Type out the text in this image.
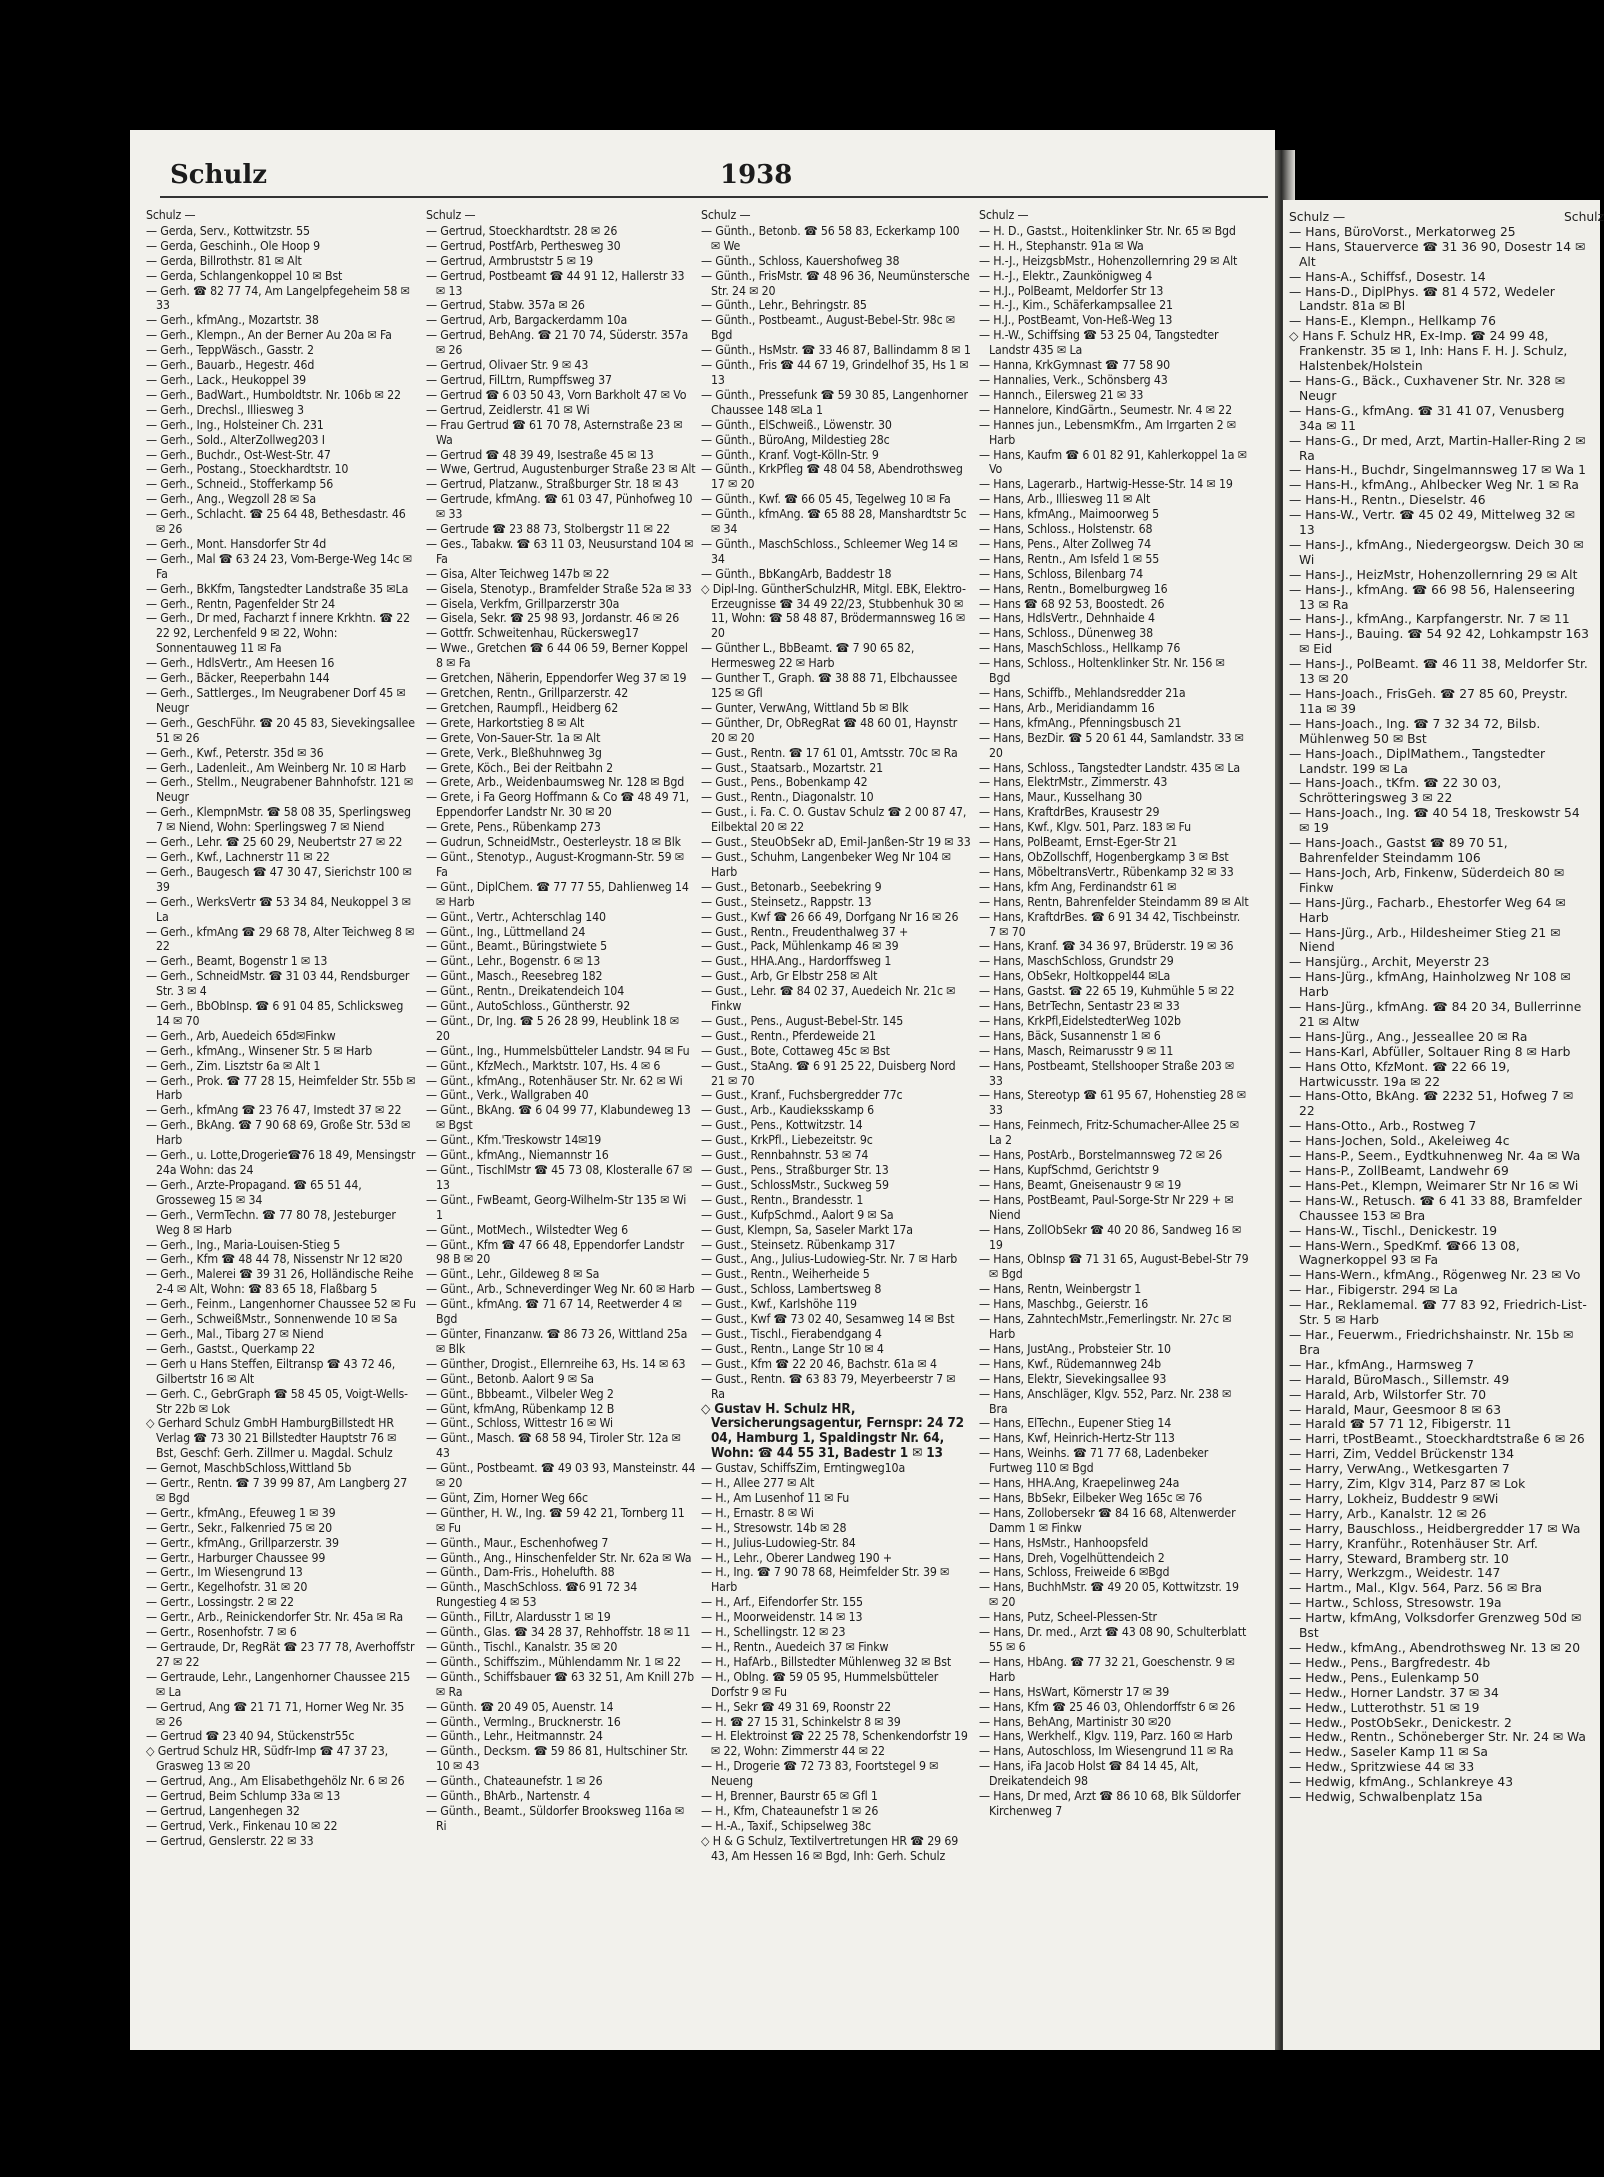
Schulz	1938
Schulz —
— Gerda, Serv., Kottwitzstr. 55
— Gerda, Geschinh., Ole Hoop 9
— Gerda, Billrothstr. 81 ✉ Alt
— Gerda, Schlangenkoppel 10 ✉ Bst
— Gerh. ☎ 82 77 74, Am Langelpfegeheim 58 ✉ 33
— Gerh., kfmAng., Mozartstr. 38
— Gerh., Klempn., An der Berner Au 20a ✉ Fa
— Gerh., TeppWäsch., Gasstr. 2
— Gerh., Bauarb., Hegestr. 46d
— Gerh., Lack., Heukoppel 39
— Gerh., BadWart., Humboldtstr. Nr. 106b ✉ 22
— Gerh., Drechsl., Illiesweg 3
— Gerh., Ing., Holsteiner Ch. 231
— Gerh., Sold., AlterZollweg203 I
— Gerh., Buchdr., Ost-West-Str. 47
— Gerh., Postang., Stoeckhardtstr. 10
— Gerh., Schneid., Stofferkamp 56
— Gerh., Ang., Wegzoll 28 ✉ Sa
— Gerh., Schlacht. ☎ 25 64 48, Bethesdastr. 46 ✉ 26
— Gerh., Mont. Hansdorfer Str 4d
— Gerh., Mal ☎ 63 24 23, Vom-Berge-Weg 14c ✉ Fa
— Gerh., BkKfm, Tangstedter Landstraße 35 ✉La
— Gerh., Rentn, Pagenfelder Str 24
— Gerh., Dr med, Facharzt f innere Krkhtn. ☎ 22 22 92, Lerchenfeld 9 ✉ 22, Wohn: Sonnentauweg 11 ✉ Fa
— Gerh., HdlsVertr., Am Heesen 16
— Gerh., Bäcker, Reeperbahn 144
— Gerh., Sattlerges., Im Neugrabener Dorf 45 ✉ Neugr
— Gerh., GeschFühr. ☎ 20 45 83, Sievekingsallee 51 ✉ 26
— Gerh., Kwf., Peterstr. 35d ✉ 36
— Gerh., Ladenleit., Am Weinberg Nr. 10 ✉ Harb
— Gerh., Stellm., Neugrabener Bahnhofstr. 121 ✉ Neugr
— Gerh., KlempnMstr. ☎ 58 08 35, Sperlingsweg 7 ✉ Niend, Wohn: Sperlingsweg 7 ✉ Niend
— Gerh., Lehr. ☎ 25 60 29, Neubertstr 27 ✉ 22
— Gerh., Kwf., Lachnerstr 11 ✉ 22
— Gerh., Baugesch ☎ 47 30 47, Sierichstr 100 ✉ 39
— Gerh., WerksVertr ☎ 53 34 84, Neukoppel 3 ✉ La
— Gerh., kfmAng ☎ 29 68 78, Alter Teichweg 8 ✉ 22
— Gerh., Beamt, Bogenstr 1 ✉ 13
— Gerh., SchneidMstr. ☎ 31 03 44, Rendsburger Str. 3 ✉ 4
— Gerh., BbObInsp. ☎ 6 91 04 85, Schlicksweg 14 ✉ 70
— Gerh., Arb, Auedeich 65d✉Finkw
— Gerh., kfmAng., Winsener Str. 5 ✉ Harb
— Gerh., Zim. Lisztstr 6a ✉ Alt 1
— Gerh., Prok. ☎ 77 28 15, Heimfelder Str. 55b ✉ Harb
— Gerh., kfmAng ☎ 23 76 47, Imstedt 37 ✉ 22
— Gerh., BkAng. ☎ 7 90 68 69, Große Str. 53d ✉ Harb
— Gerh., u. Lotte,Drogerie☎76 18 49, Mensingstr 24a Wohn: das 24
— Gerh., Arzte-Propagand. ☎ 65 51 44, Grosseweg 15 ✉ 34
— Gerh., VermTechn. ☎ 77 80 78, Jesteburger Weg 8 ✉ Harb
— Gerh., Ing., Maria-Louisen-Stieg 5
— Gerh., Kfm ☎ 48 44 78, Nissenstr Nr 12 ✉20
— Gerh., Malerei ☎ 39 31 26, Holländische Reihe 2-4 ✉ Alt, Wohn: ☎ 83 65 18, Flaßbarg 5
— Gerh., Feinm., Langenhorner Chaussee 52 ✉ Fu
— Gerh., SchweißMstr., Sonnenwende 10 ✉ Sa
— Gerh., Mal., Tibarg 27 ✉ Niend
— Gerh., Gastst., Querkamp 22
— Gerh u Hans Steffen, Eiltransp ☎ 43 72 46, Gilbertstr 16 ✉ Alt
— Gerh. C., GebrGraph ☎ 58 45 05, Voigt-Wells-Str 22b ✉ Lok
◇ Gerhard Schulz GmbH HamburgBillstedt HR Verlag ☎ 73 30 21 Billstedter Hauptstr 76 ✉ Bst, Geschf: Gerh. Zillmer u. Magdal. Schulz
— Gernot, MaschbSchloss,Wittland 5b
— Gertr., Rentn. ☎ 7 39 99 87, Am Langberg 27 ✉ Bgd
— Gertr., kfmAng., Efeuweg 1 ✉ 39
— Gertr., Sekr., Falkenried 75 ✉ 20
— Gertr., kfmAng., Grillparzerstr. 39
— Gertr., Harburger Chaussee 99
— Gertr., Im Wiesengrund 13
— Gertr., Kegelhofstr. 31 ✉ 20
— Gertr., Lossingstr. 2 ✉ 22
— Gertr., Arb., Reinickendorfer Str. Nr. 45a ✉ Ra
— Gertr., Rosenhofstr. 7 ✉ 6
— Gertraude, Dr, RegRät ☎ 23 77 78, Averhoffstr 27 ✉ 22
— Gertraude, Lehr., Langenhorner Chaussee 215 ✉ La
— Gertrud, Ang ☎ 21 71 71, Horner Weg Nr. 35 ✉ 26
— Gertrud ☎ 23 40 94, Stückenstr55c
◇ Gertrud Schulz HR, Südfr-Imp ☎ 47 37 23, Grasweg 13 ✉ 20
— Gertrud, Ang., Am Elisabethgehölz Nr. 6 ✉ 26
— Gertrud, Beim Schlump 33a ✉ 13
— Gertrud, Langenhegen 32
— Gertrud, Verk., Finkenau 10 ✉ 22
— Gertrud, Genslerstr. 22 ✉ 33
Schulz —
— Gertrud, Stoeckhardtstr. 28 ✉ 26
— Gertrud, PostfArb, Perthesweg 30
— Gertrud, Armbruststr 5 ✉ 19
— Gertrud, Postbeamt ☎ 44 91 12, Hallerstr 33 ✉ 13
— Gertrud, Stabw. 357a ✉ 26
— Gertrud, Arb, Bargackerdamm 10a
— Gertrud, BehAng. ☎ 21 70 74, Süderstr. 357a ✉ 26
— Gertrud, Olivaer Str. 9 ✉ 43
— Gertrud, FilLtrn, Rumpffsweg 37
— Gertrud ☎ 6 03 50 43, Vorn Barkholt 47 ✉ Vo
— Gertrud, Zeidlerstr. 41 ✉ Wi
— Frau Gertrud ☎ 61 70 78, Asternstraße 23 ✉ Wa
— Gertrud ☎ 48 39 49, Isestraße 45 ✉ 13
— Wwe, Gertrud, Augustenburger Straße 23 ✉ Alt
— Gertrud, Platzanw., Straßburger Str. 18 ✉ 43
— Gertrude, kfmAng. ☎ 61 03 47, Pünhofweg 10 ✉ 33
— Gertrude ☎ 23 88 73, Stolbergstr 11 ✉ 22
— Ges., Tabakw. ☎ 63 11 03, Neusurstand 104 ✉ Fa
— Gisa, Alter Teichweg 147b ✉ 22
— Gisela, Stenotyp., Bramfelder Straße 52a ✉ 33
— Gisela, Verkfm, Grillparzerstr 30a
— Gisela, Sekr. ☎ 25 98 93, Jordanstr. 46 ✉ 26
— Gottfr. Schweitenhau, Rückersweg17
— Wwe., Gretchen ☎ 6 44 06 59, Berner Koppel 8 ✉ Fa
— Gretchen, Näherin, Eppendorfer Weg 37 ✉ 19
— Gretchen, Rentn., Grillparzerstr. 42
— Gretchen, Raumpfl., Heidberg 62
— Grete, Harkortstieg 8 ✉ Alt
— Grete, Von-Sauer-Str. 1a ✉ Alt
— Grete, Verk., Bleßhuhnweg 3g
— Grete, Köch., Bei der Reitbahn 2
— Grete, Arb., Weidenbaumsweg Nr. 128 ✉ Bgd
— Grete, i Fa Georg Hoffmann & Co ☎ 48 49 71, Eppendorfer Landstr Nr. 30 ✉ 20
— Grete, Pens., Rübenkamp 273
— Gudrun, SchneidMstr., Oesterleystr. 18 ✉ Blk
— Günt., Stenotyp., August-Krogmann-Str. 59 ✉ Fa
— Günt., DiplChem. ☎ 77 77 55, Dahlienweg 14 ✉ Harb
— Günt., Vertr., Achterschlag 140
— Günt., Ing., Lüttmelland 24
— Günt., Beamt., Büringstwiete 5
— Günt., Lehr., Bogenstr. 6 ✉ 13
— Günt., Masch., Reesebreg 182
— Günt., Rentn., Dreikatendeich 104
— Günt., AutoSchloss., Güntherstr. 92
— Günt., Dr, Ing. ☎ 5 26 28 99, Heublink 18 ✉ 20
— Günt., Ing., Hummelsbütteler Landstr. 94 ✉ Fu
— Günt., KfzMech., Marktstr. 107, Hs. 4 ✉ 6
— Günt., kfmAng., Rotenhäuser Str. Nr. 62 ✉ Wi
— Günt., Verk., Wallgraben 40
— Günt., BkAng. ☎ 6 04 99 77, Klabundeweg 13 ✉ Bgst
— Günt., Kfm.'Treskowstr 14✉19
— Günt., kfmAng., Niemannstr 16
— Günt., TischlMstr ☎ 45 73 08, Klosteralle 67 ✉ 13
— Günt., FwBeamt, Georg-Wilhelm-Str 135 ✉ Wi 1
— Günt., MotMech., Wilstedter Weg 6
— Günt., Kfm ☎ 47 66 48, Eppendorfer Landstr 98 B ✉ 20
— Günt., Lehr., Gildeweg 8 ✉ Sa
— Günt., Arb., Schneverdinger Weg Nr. 60 ✉ Harb
— Günt., kfmAng. ☎ 71 67 14, Reetwerder 4 ✉ Bgd
— Günter, Finanzanw. ☎ 86 73 26, Wittland 25a ✉ Blk
— Günther, Drogist., Ellernreihe 63, Hs. 14 ✉ 63
— Günt., Betonb. Aalort 9 ✉ Sa
— Günt., Bbbeamt., Vilbeler Weg 2
— Günt, kfmAng, Rübenkamp 12 B
— Günt., Schloss, Wittestr 16 ✉ Wi
— Günt., Masch. ☎ 68 58 94, Tiroler Str. 12a ✉ 43
— Günt., Postbeamt. ☎ 49 03 93, Mansteinstr. 44 ✉ 20
— Günt, Zim, Horner Weg 66c
— Günther, H. W., Ing. ☎ 59 42 21, Tornberg 11 ✉ Fu
— Günth., Maur., Eschenhofweg 7
— Günth., Ang., Hinschenfelder Str. Nr. 62a ✉ Wa
— Günth., Dam-Fris., Hohelufth. 88
— Günth., MaschSchloss. ☎6 91 72 34 Rungestieg 4 ✉ 53
— Günth., FilLtr, Alardusstr 1 ✉ 19
— Günth., Glas. ☎ 34 28 37, Rehhoffstr. 18 ✉ 11
— Günth., Tischl., Kanalstr. 35 ✉ 20
— Günth., Schiffszim., Mühlendamm Nr. 1 ✉ 22
— Günth., Schiffsbauer ☎ 63 32 51, Am Knill 27b ✉ Ra
— Günth. ☎ 20 49 05, Auenstr. 14
— Günth., Vermlng., Brucknerstr. 16
— Günth., Lehr., Heitmannstr. 24
— Günth., Decksm. ☎ 59 86 81, Hultschiner Str. 10 ✉ 43
— Günth., Chateaunefstr. 1 ✉ 26
— Günth., BhArb., Nartenstr. 4
— Günth., Beamt., Süldorfer Brooksweg 116a ✉ Ri
Schulz —
— Günth., Betonb. ☎ 56 58 83, Eckerkamp 100 ✉ We
— Günth., Schloss, Kauershofweg 38
— Günth., FrisMstr. ☎ 48 96 36, Neumünstersche Str. 24 ✉ 20
— Günth., Lehr., Behringstr. 85
— Günth., Postbeamt., August-Bebel-Str. 98c ✉ Bgd
— Günth., HsMstr. ☎ 33 46 87, Ballindamm 8 ✉ 1
— Günth., Fris ☎ 44 67 19, Grindelhof 35, Hs 1 ✉ 13
— Günth., Pressefunk ☎ 59 30 85, Langenhorner Chaussee 148 ✉La 1
— Günth., ElSchweiß., Löwenstr. 30
— Günth., BüroAng, Mildestieg 28c
— Günth., Kranf. Vogt-Kölln-Str. 9
— Günth., KrkPfleg ☎ 48 04 58, Abendrothsweg 17 ✉ 20
— Günth., Kwf. ☎ 66 05 45, Tegelweg 10 ✉ Fa
— Günth., kfmAng. ☎ 65 88 28, Manshardtstr 5c ✉ 34
— Günth., MaschSchloss., Schleemer Weg 14 ✉ 34
— Günth., BbKangArb, Baddestr 18
◇ Dipl-Ing. GüntherSchulzHR, Mitgl. EBK, Elektro-Erzeugnisse ☎ 34 49 22/23, Stubbenhuk 30 ✉ 11, Wohn: ☎ 58 48 87, Brödermannsweg 16 ✉ 20
— Günther L., BbBeamt. ☎ 7 90 65 82, Hermesweg 22 ✉ Harb
— Gunther T., Graph. ☎ 38 88 71, Elbchaussee 125 ✉ Gfl
— Gunter, VerwAng, Wittland 5b ✉ Blk
— Günther, Dr, ObRegRat ☎ 48 60 01, Haynstr 20 ✉ 20
— Gust., Rentn. ☎ 17 61 01, Amtsstr. 70c ✉ Ra
— Gust., Staatsarb., Mozartstr. 21
— Gust., Pens., Bobenkamp 42
— Gust., Rentn., Diagonalstr. 10
— Gust., i. Fa. C. O. Gustav Schulz ☎ 2 00 87 47, Eilbektal 20 ✉ 22
— Gust., SteuObSekr aD, Emil-Janßen-Str 19 ✉ 33
— Gust., Schuhm, Langenbeker Weg Nr 104 ✉ Harb
— Gust., Betonarb., Seebekring 9
— Gust., Steinsetz., Rappstr. 13
— Gust., Kwf ☎ 26 66 49, Dorfgang Nr 16 ✉ 26
— Gust., Rentn., Freudenthalweg 37 +
— Gust., Pack, Mühlenkamp 46 ✉ 39
— Gust., HHA.Ang., Hardorffsweg 1
— Gust., Arb, Gr Elbstr 258 ✉ Alt
— Gust., Lehr. ☎ 84 02 37, Auedeich Nr. 21c ✉ Finkw
— Gust., Pens., August-Bebel-Str. 145
— Gust., Rentn., Pferdeweide 21
— Gust., Bote, Cottaweg 45c ✉ Bst
— Gust., StaAng. ☎ 6 91 25 22, Duisberg Nord 21 ✉ 70
— Gust., Kranf., Fuchsbergredder 77c
— Gust., Arb., Kaudieksskamp 6
— Gust., Pens., Kottwitzstr. 14
— Gust., KrkPfl., Liebezeitstr. 9c
— Gust., Rennbahnstr. 53 ✉ 74
— Gust., Pens., Straßburger Str. 13
— Gust., SchlossMstr., Suckweg 59
— Gust., Rentn., Brandesstr. 1
— Gust., KufpSchmd., Aalort 9 ✉ Sa
— Gust, Klempn, Sa, Saseler Markt 17a
— Gust., Steinsetz. Rübenkamp 317
— Gust., Ang., Julius-Ludowieg-Str. Nr. 7 ✉ Harb
— Gust., Rentn., Weiherheide 5
— Gust., Schloss, Lambertsweg 8
— Gust., Kwf., Karlshöhe 119
— Gust., Kwf ☎ 73 02 40, Sesamweg 14 ✉ Bst
— Gust., Tischl., Fierabendgang 4
— Gust., Rentn., Lange Str 10 ✉ 4
— Gust., Kfm ☎ 22 20 46, Bachstr. 61a ✉ 4
— Gust., Rentn. ☎ 63 83 79, Meyerbeerstr 7 ✉ Ra
◇ Gustav H. Schulz HR, Versicherungsagentur, Fernspr: 24 72 04, Hamburg 1, Spaldingstr Nr. 64, Wohn: ☎ 44 55 31, Badestr 1 ✉ 13
— Gustav, SchiffsZim, Erntingweg10a
— H., Allee 277 ✉ Alt
— H., Am Lusenhof 11 ✉ Fu
— H., Ernastr. 8 ✉ Wi
— H., Stresowstr. 14b ✉ 28
— H., Julius-Ludowieg-Str. 84
— H., Lehr., Oberer Landweg 190 +
— H., Ing. ☎ 7 90 78 68, Heimfelder Str. 39 ✉ Harb
— H., Arf., Eifendorfer Str. 155
— H., Moorweidenstr. 14 ✉ 13
— H., Schellingstr. 12 ✉ 23
— H., Rentn., Auedeich 37 ✉ Finkw
— H., HafArb., Billstedter Mühlenweg 32 ✉ Bst
— H., Oblng. ☎ 59 05 95, Hummelsbütteler Dorfstr 9 ✉ Fu
— H., Sekr ☎ 49 31 69, Roonstr 22
— H. ☎ 27 15 31, Schinkelstr 8 ✉ 39
— H. Elektroinst ☎ 22 25 78, Schenkendorfstr 19 ✉ 22, Wohn: Zimmerstr 44 ✉ 22
— H., Drogerie ☎ 72 73 83, Foortstegel 9 ✉ Neueng
— H, Brenner, Baurstr 65 ✉ Gfl 1
— H., Kfm, Chateaunefstr 1 ✉ 26
— H.-A., Taxif., Schipselweg 38c
◇ H & G Schulz, Textilvertretungen HR ☎ 29 69 43, Am Hessen 16 ✉ Bgd, Inh: Gerh. Schulz
Schulz —
— H. D., Gastst., Hoitenklinker Str. Nr. 65 ✉ Bgd
— H. H., Stephanstr. 91a ✉ Wa
— H.-J., HeizgsbMstr., Hohenzollernring 29 ✉ Alt
— H.-J., Elektr., Zaunkönigweg 4
— H.J., PolBeamt, Meldorfer Str 13
— H.-J., Kim., Schäferkampsallee 21
— H.J., PostBeamt, Von-Heß-Weg 13
— H.-W., Schiffsing ☎ 53 25 04, Tangstedter Landstr 435 ✉ La
— Hanna, KrkGymnast ☎ 77 58 90
— Hannalies, Verk., Schönsberg 43
— Hannch., Eilersweg 21 ✉ 33
— Hannelore, KindGärtn., Seumestr. Nr. 4 ✉ 22
— Hannes jun., LebensmKfm., Am Irrgarten 2 ✉ Harb
— Hans, Kaufm ☎ 6 01 82 91, Kahlerkoppel 1a ✉ Vo
— Hans, Lagerarb., Hartwig-Hesse-Str. 14 ✉ 19
— Hans, Arb., Illiesweg 11 ✉ Alt
— Hans, kfmAng., Maimoorweg 5
— Hans, Schloss., Holstenstr. 68
— Hans, Pens., Alter Zollweg 74
— Hans, Rentn., Am Isfeld 1 ✉ 55
— Hans, Schloss, Bilenbarg 74
— Hans, Rentn., Bomelburgweg 16
— Hans ☎ 68 92 53, Boostedt. 26
— Hans, HdlsVertr., Dehnhaide 4
— Hans, Schloss., Dünenweg 38
— Hans, MaschSchloss., Hellkamp 76
— Hans, Schloss., Holtenklinker Str. Nr. 156 ✉ Bgd
— Hans, Schiffb., Mehlandsredder 21a
— Hans, Arb., Meridiandamm 16
— Hans, kfmAng., Pfenningsbusch 21
— Hans, BezDir. ☎ 5 20 61 44, Samlandstr. 33 ✉ 20
— Hans, Schloss., Tangstedter Landstr. 435 ✉ La
— Hans, ElektrMstr., Zimmerstr. 43
— Hans, Maur., Kusselhang 30
— Hans, KraftdrBes, Krausestr 29
— Hans, Kwf., Klgv. 501, Parz. 183 ✉ Fu
— Hans, PolBeamt, Ernst-Eger-Str 21
— Hans, ObZollschff, Hogenbergkamp 3 ✉ Bst
— Hans, MöbeltransVertr., Rübenkamp 32 ✉ 33
— Hans, kfm Ang, Ferdinandstr 61 ✉
— Hans, Rentn, Bahrenfelder Steindamm 89 ✉ Alt
— Hans, KraftdrBes. ☎ 6 91 34 42, Tischbeinstr. 7 ✉ 70
— Hans, Kranf. ☎ 34 36 97, Brüderstr. 19 ✉ 36
— Hans, MaschSchloss, Grundstr 29
— Hans, ObSekr, Holtkoppel44 ✉La
— Hans, Gastst. ☎ 22 65 19, Kuhmühle 5 ✉ 22
— Hans, BetrTechn, Sentastr 23 ✉ 33
— Hans, KrkPfl,EidelstedterWeg 102b
— Hans, Bäck, Susannenstr 1 ✉ 6
— Hans, Masch, Reimarusstr 9 ✉ 11
— Hans, Postbeamt, Stellshooper Straße 203 ✉ 33
— Hans, Stereotyp ☎ 61 95 67, Hohenstieg 28 ✉ 33
— Hans, Feinmech, Fritz-Schumacher-Allee 25 ✉ La 2
— Hans, PostArb., Borstelmannsweg 72 ✉ 26
— Hans, KupfSchmd, Gerichtstr 9
— Hans, Beamt, Gneisenaustr 9 ✉ 19
— Hans, PostBeamt, Paul-Sorge-Str Nr 229 + ✉ Niend
— Hans, ZollObSekr ☎ 40 20 86, Sandweg 16 ✉ 19
— Hans, ObInsp ☎ 71 31 65, August-Bebel-Str 79 ✉ Bgd
— Hans, Rentn, Weinbergstr 1
— Hans, Maschbg., Geierstr. 16
— Hans, ZahntechMstr.,Femerlingstr. Nr. 27c ✉ Harb
— Hans, JustAng., Probsteier Str. 10
— Hans, Kwf., Rüdemannweg 24b
— Hans, Elektr, Sievekingsallee 93
— Hans, Anschläger, Klgv. 552, Parz. Nr. 238 ✉ Bra
— Hans, ElTechn., Eupener Stieg 14
— Hans, Kwf, Heinrich-Hertz-Str 113
— Hans, Weinhs. ☎ 71 77 68, Ladenbeker Furtweg 110 ✉ Bgd
— Hans, HHA.Ang, Kraepelinweg 24a
— Hans, BbSekr, Eilbeker Weg 165c ✉ 76
— Hans, Zollobersekr ☎ 84 16 68, Altenwerder Damm 1 ✉ Finkw
— Hans, HsMstr., Hanhoopsfeld
— Hans, Dreh, Vogelhüttendeich 2
— Hans, Schloss, Freiweide 6 ✉Bgd
— Hans, BuchhMstr. ☎ 49 20 05, Kottwitzstr. 19 ✉ 20
— Hans, Putz, Scheel-Plessen-Str
— Hans, Dr. med., Arzt ☎ 43 08 90, Schulterblatt 55 ✉ 6
— Hans, HbAng. ☎ 77 32 21, Goeschenstr. 9 ✉ Harb
— Hans, HsWart, Körnerstr 17 ✉ 39
— Hans, Kfm ☎ 25 46 03, Ohlendorffstr 6 ✉ 26
— Hans, BehAng, Martinistr 30 ✉20
— Hans, Werkhelf., Klgv. 119, Parz. 160 ✉ Harb
— Hans, Autoschloss, Im Wiesengrund 11 ✉ Ra
— Hans, iFa Jacob Holst ☎ 84 14 45, Alt, Dreikatendeich 98
— Hans, Dr med, Arzt ☎ 86 10 68, Blk Süldorfer Kirchenweg 7
Schulz —	Schulz
— Hans, BüroVorst., Merkatorweg 25
— Hans, Stauerverce ☎ 31 36 90, Dosestr 14 ✉ Alt
— Hans-A., Schiffsf., Dosestr. 14
— Hans-D., DiplPhys. ☎ 81 4 572, Wedeler Landstr. 81a ✉ Bl
— Hans-E., Klempn., Hellkamp 76
◇ Hans F. Schulz HR, Ex-Imp. ☎ 24 99 48, Frankenstr. 35 ✉ 1, Inh: Hans F. H. J. Schulz, Halstenbek/Holstein
— Hans-G., Bäck., Cuxhavener Str. Nr. 328 ✉ Neugr
— Hans-G., kfmAng. ☎ 31 41 07, Venusberg 34a ✉ 11
— Hans-G., Dr med, Arzt, Martin-Haller-Ring 2 ✉ Ra
— Hans-H., Buchdr, Singelmannsweg 17 ✉ Wa 1
— Hans-H., kfmAng., Ahlbecker Weg Nr. 1 ✉ Ra
— Hans-H., Rentn., Dieselstr. 46
— Hans-W., Vertr. ☎ 45 02 49, Mittelweg 32 ✉ 13
— Hans-J., kfmAng., Niedergeorgsw. Deich 30 ✉ Wi
— Hans-J., HeizMstr, Hohenzollernring 29 ✉ Alt
— Hans-J., kfmAng. ☎ 66 98 56, Halenseering 13 ✉ Ra
— Hans-J., kfmAng., Karpfangerstr. Nr. 7 ✉ 11
— Hans-J., Bauing. ☎ 54 92 42, Lohkampstr 163 ✉ Eid
— Hans-J., PolBeamt. ☎ 46 11 38, Meldorfer Str. 13 ✉ 20
— Hans-Joach., FrisGeh. ☎ 27 85 60, Preystr. 11a ✉ 39
— Hans-Joach., Ing. ☎ 7 32 34 72, Bilsb. Mühlenweg 50 ✉ Bst
— Hans-Joach., DiplMathem., Tangstedter Landstr. 199 ✉ La
— Hans-Joach., tKfm. ☎ 22 30 03, Schrötteringsweg 3 ✉ 22
— Hans-Joach., Ing. ☎ 40 54 18, Treskowstr 54 ✉ 19
— Hans-Joach., Gastst ☎ 89 70 51, Bahrenfelder Steindamm 106
— Hans-Joch, Arb, Finkenw, Süderdeich 80 ✉Finkw
— Hans-Jürg., Facharb., Ehestorfer Weg 64 ✉ Harb
— Hans-Jürg., Arb., Hildesheimer Stieg 21 ✉ Niend
— Hansjürg., Archit, Meyerstr 23
— Hans-Jürg., kfmAng, Hainholzweg Nr 108 ✉ Harb
— Hans-Jürg., kfmAng. ☎ 84 20 34, Bullerrinne 21 ✉ Altw
— Hans-Jürg., Ang., Jesseallee 20 ✉ Ra
— Hans-Karl, Abfüller, Soltauer Ring 8 ✉ Harb
— Hans Otto, KfzMont. ☎ 22 66 19, Hartwicusstr. 19a ✉ 22
— Hans-Otto, BkAng. ☎ 2232 51, Hofweg 7 ✉ 22
— Hans-Otto., Arb., Rostweg 7
— Hans-Jochen, Sold., Akeleiweg 4c
— Hans-P., Seem., Eydtkuhnenweg Nr. 4a ✉ Wa
— Hans-P., ZollBeamt, Landwehr 69
— Hans-Pet., Klempn, Weimarer Str Nr 16 ✉ Wi
— Hans-W., Retusch. ☎ 6 41 33 88, Bramfelder Chaussee 153 ✉ Bra
— Hans-W., Tischl., Denickestr. 19
— Hans-Wern., SpedKmf. ☎66 13 08, Wagnerkoppel 93 ✉ Fa
— Hans-Wern., kfmAng., Rögenweg Nr. 23 ✉ Vo
— Har., Fibigerstr. 294 ✉ La
— Har., Reklamemal. ☎ 77 83 92, Friedrich-List-Str. 5 ✉ Harb
— Har., Feuerwm., Friedrichshainstr. Nr. 15b ✉ Bra
— Har., kfmAng., Harmsweg 7
— Harald, BüroMasch., Sillemstr. 49
— Harald, Arb, Wilstorfer Str. 70
— Harald, Maur, Geesmoor 8 ✉ 63
— Harald ☎ 57 71 12, Fibigerstr. 11
— Harri, tPostBeamt., Stoeckhardtstraße 6 ✉ 26
— Harri, Zim, Veddel Brückenstr 134
— Harry, VerwAng., Wetkesgarten 7
— Harry, Zim, Klgv 314, Parz 87 ✉ Lok
— Harry, Lokheiz, Buddestr 9 ✉Wi
— Harry, Arb., Kanalstr. 12 ✉ 26
— Harry, Bauschloss., Heidbergredder 17 ✉ Wa
— Harry, Kranführ., Rotenhäuser Str. Arf.
— Harry, Steward, Bramberg str. 10
— Harry, Werkzgm., Weidestr. 147
— Hartm., Mal., Klgv. 564, Parz. 56 ✉ Bra
— Hartw., Schloss, Stresowstr. 19a
— Hartw, kfmAng, Volksdorfer Grenzweg 50d ✉ Bst
— Hedw., kfmAng., Abendrothsweg Nr. 13 ✉ 20
— Hedw., Pens., Bargfredestr. 4b
— Hedw., Pens., Eulenkamp 50
— Hedw., Horner Landstr. 37 ✉ 34
— Hedw., Lutterothstr. 51 ✉ 19
— Hedw., PostObSekr., Denickestr. 2
— Hedw., Rentn., Schöneberger Str. Nr. 24 ✉ Wa
— Hedw., Saseler Kamp 11 ✉ Sa
— Hedw., Spritzwiese 44 ✉ 33
— Hedwig, kfmAng., Schlankreye 43
— Hedwig, Schwalbenplatz 15a
